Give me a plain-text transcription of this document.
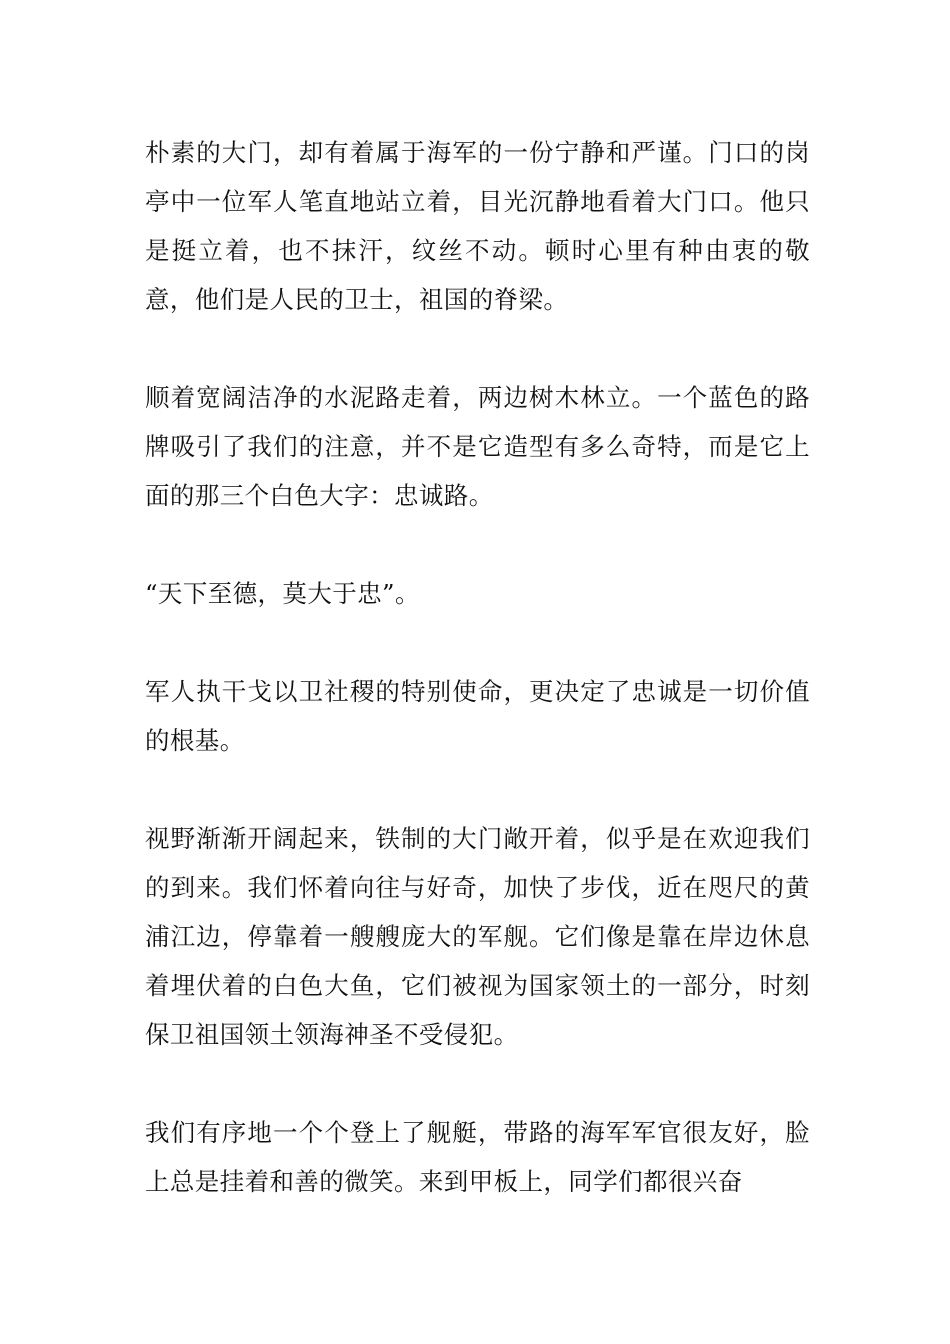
朴素的大门，却有着属于海军的一份宁静和严谨。门口的岗亭中一位军人笔直地站立着，目光沉静地看着大门口。他只是挺立着，也不抹汗，纹丝不动。顿时心里有种由衷的敬意，他们是人民的卫士，祖国的脊梁。

顺着宽阔洁净的水泥路走着，两边树木林立。一个蓝色的路牌吸引了我们的注意，并不是它造型有多么奇特，而是它上面的那三个白色大字：忠诚路。

“天下至德，莫大于忠”。

军人执干戈以卫社稷的特别使命，更决定了忠诚是一切价值的根基。

视野渐渐开阔起来，铁制的大门敞开着，似乎是在欢迎我们的到来。我们怀着向往与好奇，加快了步伐，近在咫尺的黄浦江边，停靠着一艘艘庞大的军舰。它们像是靠在岸边休息着埋伏着的白色大鱼，它们被视为国家领土的一部分，时刻保卫祖国领土领海神圣不受侵犯。

我们有序地一个个登上了舰艇，带路的海军军官很友好，脸上总是挂着和善的微笑。来到甲板上，同学们都很兴奋
